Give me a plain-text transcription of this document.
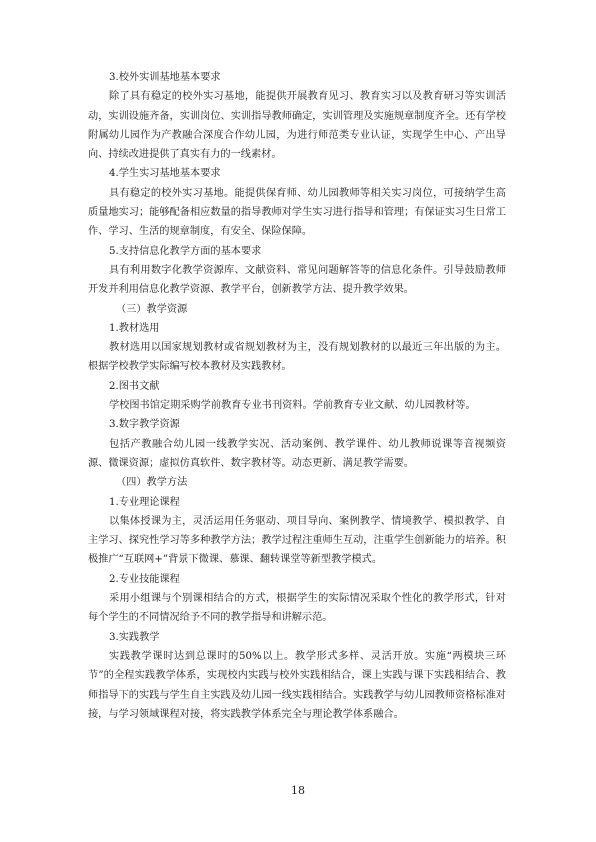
3.校外实训基地基本要求

除了具有稳定的校外实习基地，能提供开展教育见习、教育实习以及教育研习等实训活动，实训设施齐备，实训岗位、实训指导教师确定，实训管理及实施规章制度齐全。还有学校附属幼儿园作为产教融合深度合作幼儿园，为进行师范类专业认证，实现学生中心、产出导向、持续改进提供了真实有力的一线素材。

4.学生实习基地基本要求

具有稳定的校外实习基地。能提供保育师、幼儿园教师等相关实习岗位，可接纳学生高质量地实习；能够配备相应数量的指导教师对学生实习进行指导和管理；有保证实习生日常工作、学习、生活的规章制度，有安全、保险保障。

5.支持信息化教学方面的基本要求

具有利用数字化教学资源库、文献资料、常见问题解答等的信息化条件。引导鼓励教师开发并利用信息化教学资源、教学平台，创新教学方法、提升教学效果。

（三）教学资源

1.教材选用

教材选用以国家规划教材或省规划教材为主，没有规划教材的以最近三年出版的为主。根据学校教学实际编写校本教材及实践教材。

2.图书文献

学校图书馆定期采购学前教育专业书刊资料。学前教育专业文献、幼儿园教材等。

3.数字教学资源

包括产教融合幼儿园一线教学实况、活动案例、教学课件、幼儿教师说课等音视频资源、微课资源；虚拟仿真软件、数字教材等。动态更新、满足教学需要。

（四）教学方法

1.专业理论课程

以集体授课为主，灵活运用任务驱动、项目导向、案例教学、情境教学、模拟教学、自主学习、探究性学习等多种教学方法；教学过程注重师生互动，注重学生创新能力的培养。积极推广“互联网+”背景下微课、慕课、翻转课堂等新型教学模式。

2.专业技能课程

采用小组课与个别课相结合的方式，根据学生的实际情况采取个性化的教学形式，针对每个学生的不同情况给予不同的教学指导和讲解示范。

3.实践教学

实践教学课时达到总课时的50%以上。教学形式多样、灵活开放。实施“两模块三环节”的全程实践教学体系，实现校内实践与校外实践相结合，课上实践与课下实践相结合、教师指导下的实践与学生自主实践及幼儿园一线实践相结合。实践教学与幼儿园教师资格标准对接，与学习领域课程对接，将实践教学体系完全与理论教学体系融合。

18
